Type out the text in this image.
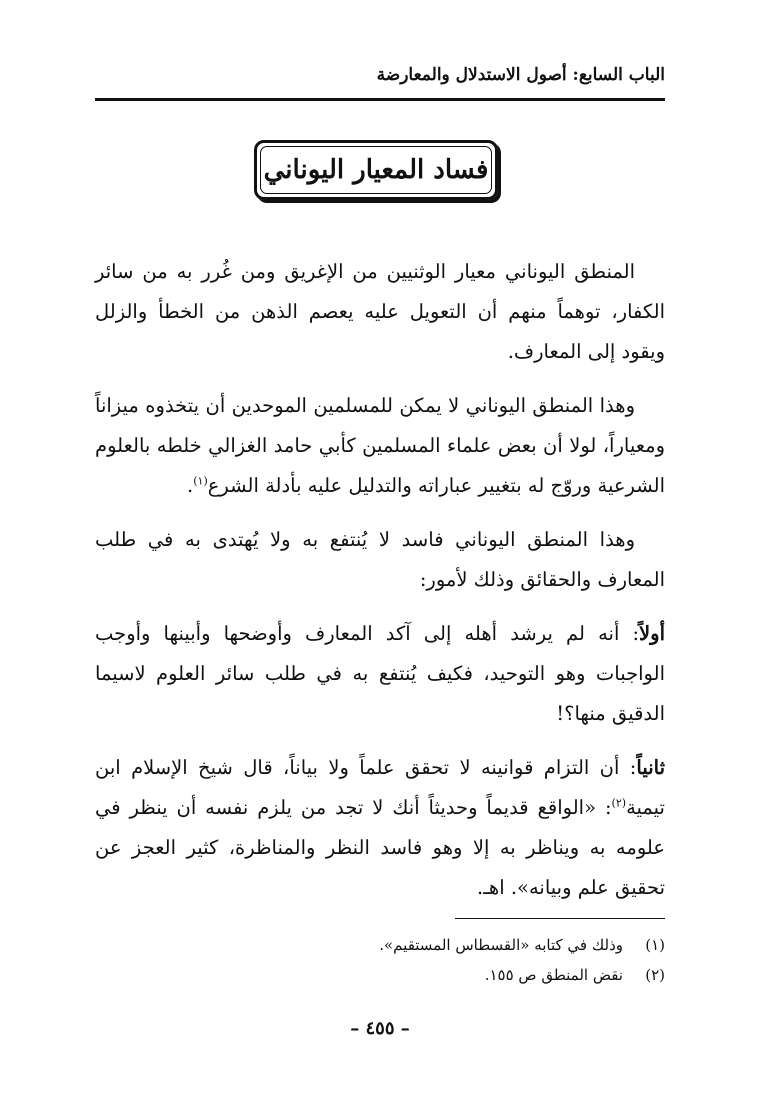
الباب السابع: أصول الاستدلال والمعارضة
فساد المعيار اليوناني

المنطق اليوناني معيار الوثنيين من الإغريق ومن غُرر به من سائر الكفار، توهماً منهم أن التعويل عليه يعصم الذهن من الخطأ والزلل ويقود إلى المعارف.

وهذا المنطق اليوناني لا يمكن للمسلمين الموحدين أن يتخذوه ميزاناً ومعياراً، لولا أن بعض علماء المسلمين كأبي حامد الغزالي خلطه بالعلوم الشرعية وروّج له بتغيير عباراته والتدليل عليه بأدلة الشرع$^{(١)}$.

وهذا المنطق اليوناني فاسد لا يُنتفع به ولا يُهتدى به في طلب المعارف والحقائق وذلك لأمور:

أولاً: أنه لم يرشد أهله إلى آكد المعارف وأوضحها وأبينها وأوجب الواجبات وهو التوحيد، فكيف يُنتفع به في طلب سائر العلوم لاسيما الدقيق منها؟!

ثانياً: أن التزام قوانينه لا تحقق علماً ولا بياناً، قال شيخ الإسلام ابن تيمية$^{(٢)}$: «الواقع قديماً وحديثاً أنك لا تجد من يلزم نفسه أن ينظر في علومه به ويناظر به إلا وهو فاسد النظر والمناظرة، كثير العجز عن تحقيق علم وبيانه». اهـ.

(١)
وذلك في كتابه «القسطاس المستقيم».
(٢)
نقض المنطق ص ١٥٥.
– ٤٥٥ –
